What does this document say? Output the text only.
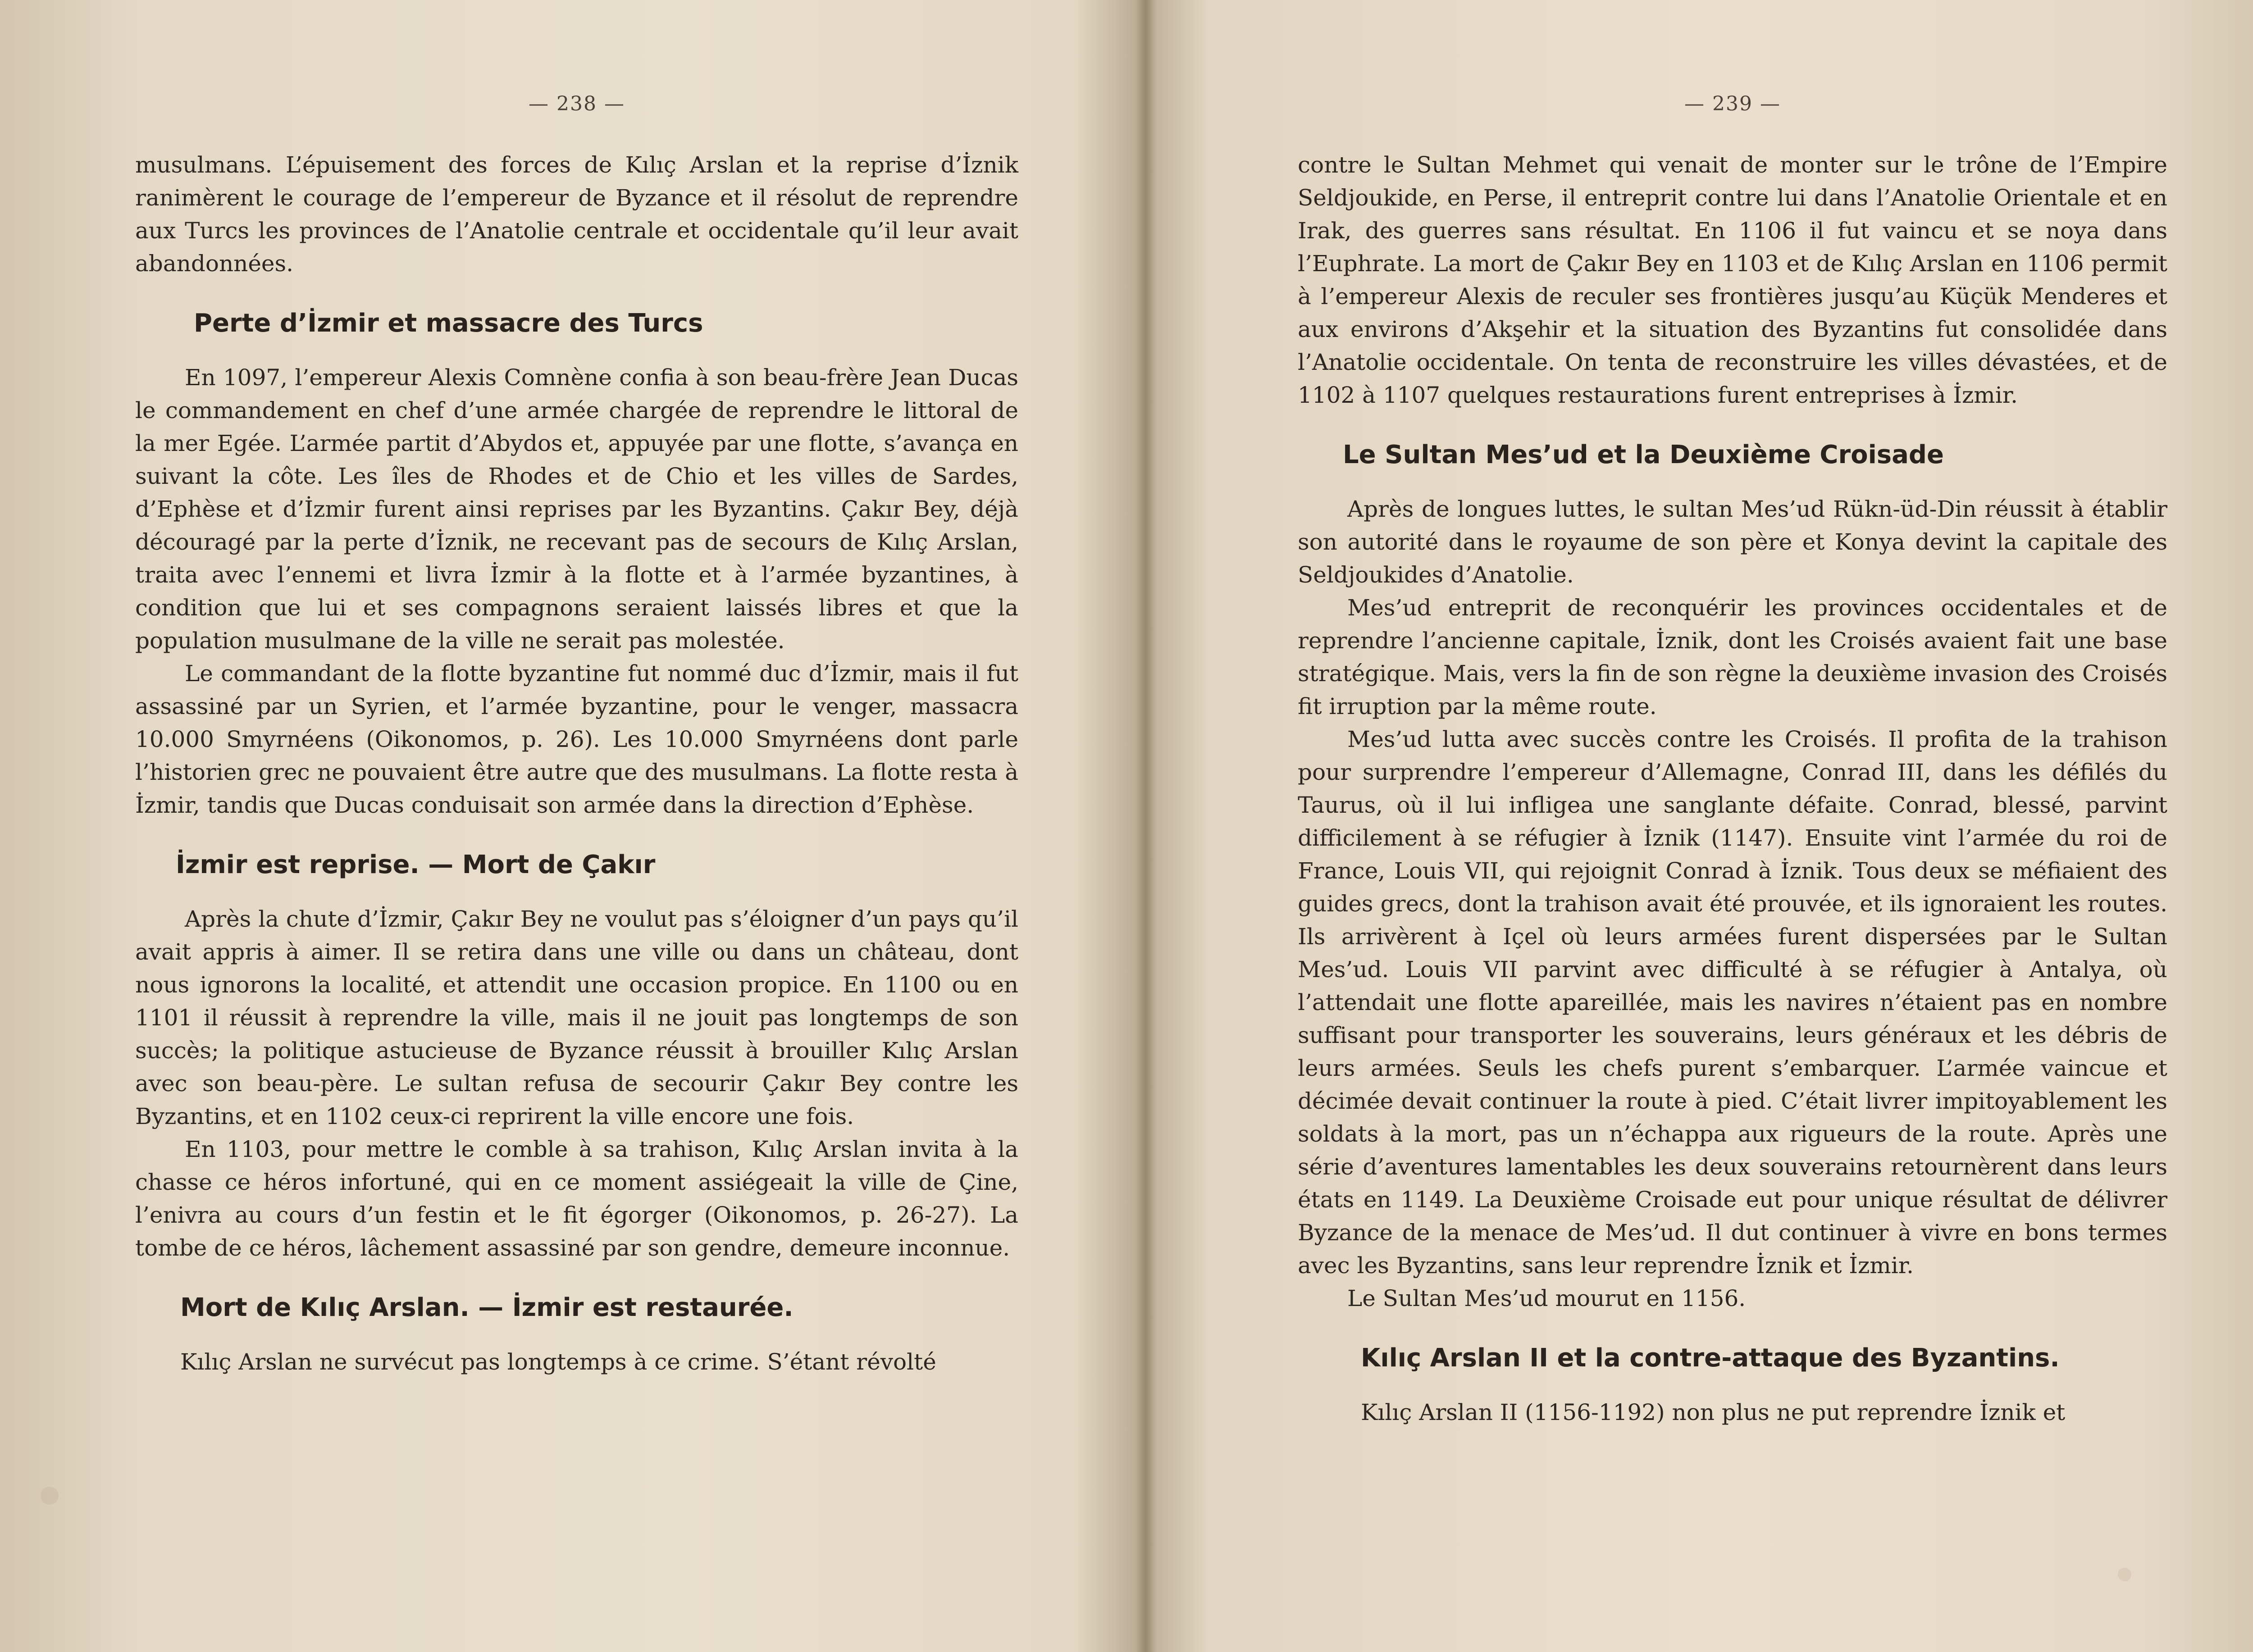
— 238 —

musulmans. L’épuisement des forces de Kılıç Arslan et la reprise d’İznik ranimèrent le courage de l’empereur de Byzance et il résolut de reprendre aux Turcs les provinces de l’Anatolie centrale et occidentale qu’il leur avait abandonnées.

Perte d’İzmir et massacre des Turcs

En 1097, l’empereur Alexis Comnène confia à son beau-frère Jean Ducas le commandement en chef d’une armée chargée de reprendre le littoral de la mer Egée. L’armée partit d’Abydos et, appuyée par une flotte, s’avança en suivant la côte. Les îles de Rhodes et de Chio et les villes de Sardes, d’Ephèse et d’İzmir furent ainsi reprises par les Byzantins. Çakır Bey, déjà découragé par la perte d’İznik, ne recevant pas de secours de Kılıç Arslan, traita avec l’ennemi et livra İzmir à la flotte et à l’armée byzantines, à condition que lui et ses compagnons seraient laissés libres et que la population musulmane de la ville ne serait pas molestée.

Le commandant de la flotte byzantine fut nommé duc d’İzmir, mais il fut assassiné par un Syrien, et l’armée byzantine, pour le venger, massacra 10.000 Smyrnéens (Oikonomos, p. 26). Les 10.000 Smyrnéens dont parle l’historien grec ne pouvaient être autre que des musulmans. La flotte resta à İzmir, tandis que Ducas conduisait son armée dans la direction d’Ephèse.

İzmir est reprise. — Mort de Çakır

Après la chute d’İzmir, Çakır Bey ne voulut pas s’éloigner d’un pays qu’il avait appris à aimer. Il se retira dans une ville ou dans un château, dont nous ignorons la localité, et attendit une occasion propice. En 1100 ou en 1101 il réussit à reprendre la ville, mais il ne jouit pas longtemps de son succès; la politique astucieuse de Byzance réussit à brouiller Kılıç Arslan avec son beau-père. Le sultan refusa de secourir Çakır Bey contre les Byzantins, et en 1102 ceux-ci reprirent la ville encore une fois.

En 1103, pour mettre le comble à sa trahison, Kılıç Arslan invita à la chasse ce héros infortuné, qui en ce moment assiégeait la ville de Çine, l’enivra au cours d’un festin et le fit égorger (Oikonomos, p. 26-27). La tombe de ce héros, lâchement assassiné par son gendre, demeure inconnue.

Mort de Kılıç Arslan. — İzmir est restaurée.

Kılıç Arslan ne survécut pas longtemps à ce crime. S’étant révolté

— 239 —

contre le Sultan Mehmet qui venait de monter sur le trône de l’Empire Seldjoukide, en Perse, il entreprit contre lui dans l’Anatolie Orientale et en Irak, des guerres sans résultat. En 1106 il fut vaincu et se noya dans l’Euphrate. La mort de Çakır Bey en 1103 et de Kılıç Arslan en 1106 permit à l’empereur Alexis de reculer ses frontières jusqu’au Küçük Menderes et aux environs d’Akşehir et la situation des Byzantins fut consolidée dans l’Anatolie occidentale. On tenta de reconstruire les villes dévastées, et de 1102 à 1107 quelques restaurations furent entreprises à İzmir.

Le Sultan Mes’ud et la Deuxième Croisade

Après de longues luttes, le sultan Mes’ud Rükn-üd-Din réussit à établir son autorité dans le royaume de son père et Konya devint la capitale des Seldjoukides d’Anatolie.

Mes’ud entreprit de reconquérir les provinces occidentales et de reprendre l’ancienne capitale, İznik, dont les Croisés avaient fait une base stratégique. Mais, vers la fin de son règne la deuxième invasion des Croisés fit irruption par la même route.

Mes’ud lutta avec succès contre les Croisés. Il profita de la trahison pour surprendre l’empereur d’Allemagne, Conrad III, dans les défilés du Taurus, où il lui infligea une sanglante défaite. Conrad, blessé, parvint difficilement à se réfugier à İznik (1147). Ensuite vint l’armée du roi de France, Louis VII, qui rejoignit Conrad à İznik. Tous deux se méfiaient des guides grecs, dont la trahison avait été prouvée, et ils ignoraient les routes. Ils arrivèrent à Içel où leurs armées furent dispersées par le Sultan Mes’ud. Louis VII parvint avec difficulté à se réfugier à Antalya, où l’attendait une flotte apareillée, mais les navires n’étaient pas en nombre suffisant pour transporter les souverains, leurs généraux et les débris de leurs armées. Seuls les chefs purent s’embarquer. L’armée vaincue et décimée devait continuer la route à pied. C’était livrer impitoyablement les soldats à la mort, pas un n’échappa aux rigueurs de la route. Après une série d’aventures lamentables les deux souverains retournèrent dans leurs états en 1149. La Deuxième Croisade eut pour unique résultat de délivrer Byzance de la menace de Mes’ud. Il dut continuer à vivre en bons termes avec les Byzantins, sans leur reprendre İznik et İzmir.

Le Sultan Mes’ud mourut en 1156.

Kılıç Arslan II et la contre-attaque des Byzantins.

Kılıç Arslan II (1156-1192) non plus ne put reprendre İznik et
